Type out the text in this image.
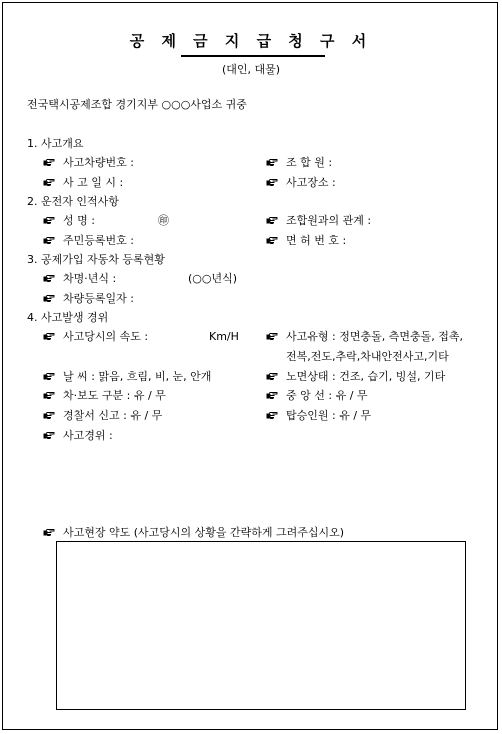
공 제 금 지 급 청 구 서
(대인, 대물)
전국택시공제조합 경기지부 ○○○사업소 귀중
1. 사고개요
사고차량번호 :	조 합 원 :
사 고 일 시 :	사고장소 :
2. 운전자 인적사항
성 명 :	㊞	조합원과의 관계 :
주민등록번호 :	면 허 번 호 :
3. 공제가입 자동차 등록현황
차명·년식 :	(○○년식)
차량등록일자 :
4. 사고발생 경위
사고당시의 속도 :	Km/H	사고유형 : 정면충돌, 측면충돌, 접촉,
전복,전도,추락,차내안전사고,기타
날 씨 : 맑음, 흐림, 비, 눈, 안개	노면상태 : 건조, 습기, 빙설, 기타
차·보도 구분 : 유 / 무	중 앙 선 : 유 / 무
경찰서 신고 : 유 / 무	탑승인원 : 유 / 무
사고경위 :
사고현장 약도 (사고당시의 상황을 간략하게 그려주십시오)
